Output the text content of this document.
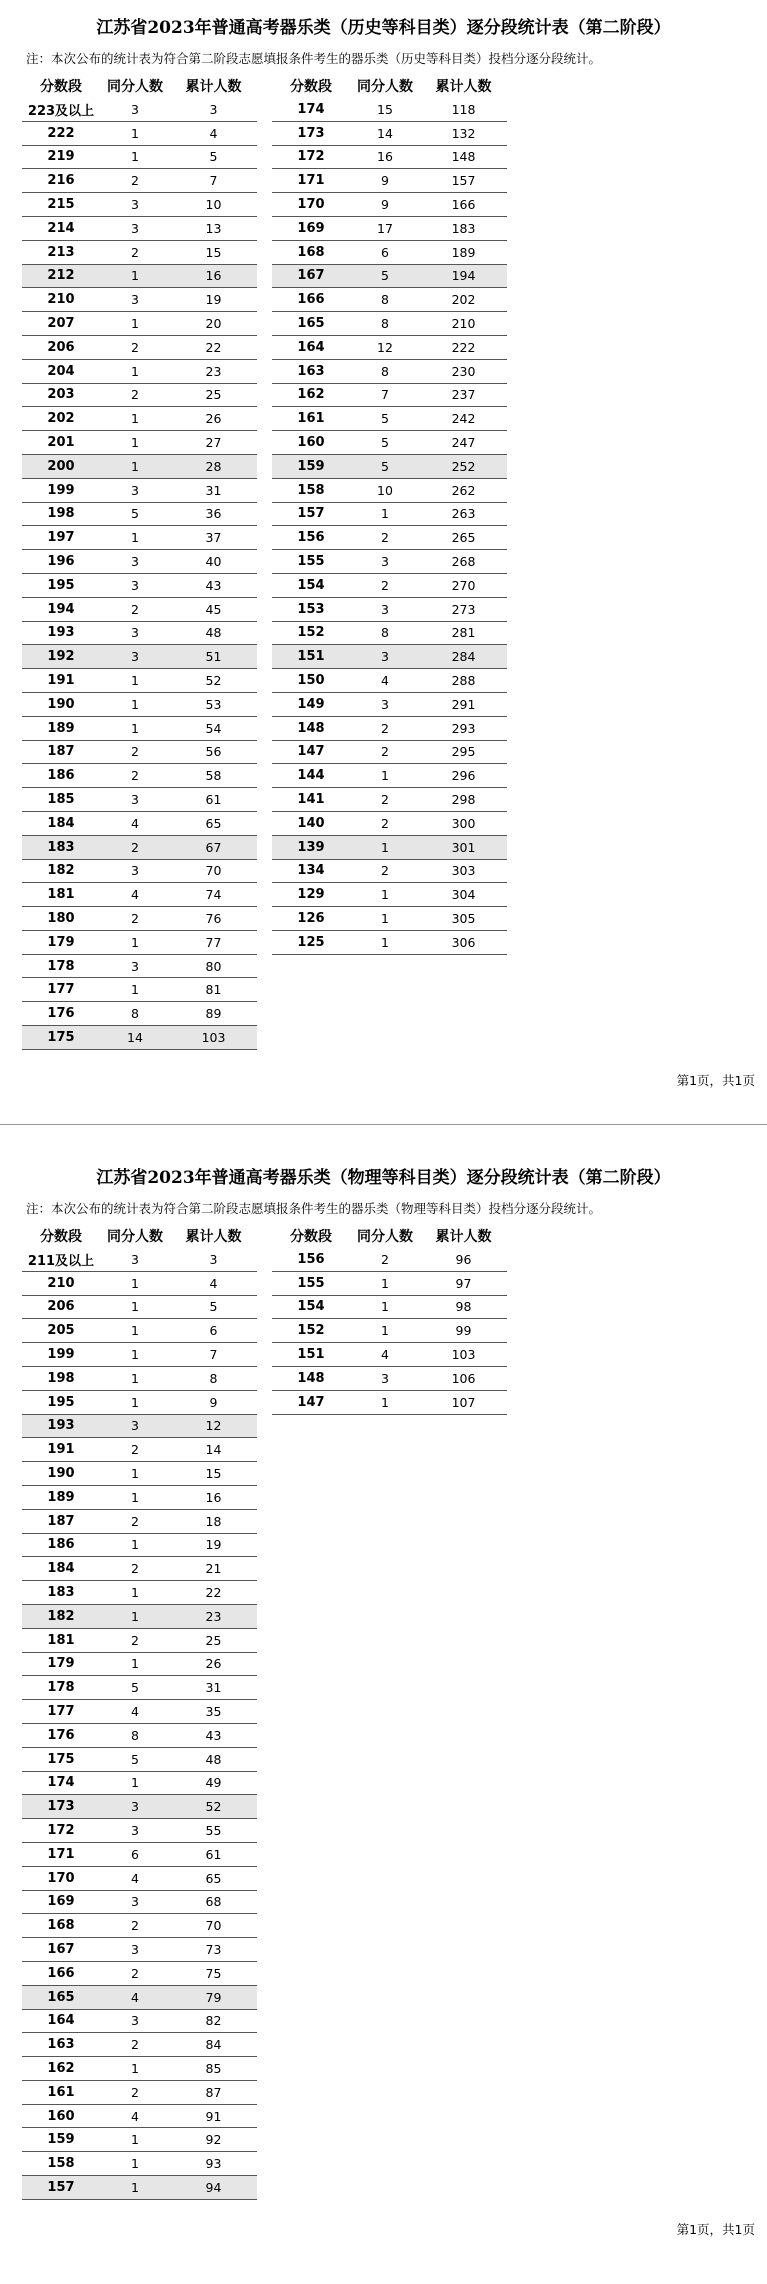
江苏省2023年普通高考器乐类（历史等科目类）逐分段统计表（第二阶段）
注：本次公布的统计表为符合第二阶段志愿填报条件考生的器乐类（历史等科目类）投档分逐分段统计。
分数段	同分人数	累计人数
223及以上	3	3
222	1	4
219	1	5
216	2	7
215	3	10
214	3	13
213	2	15
212	1	16
210	3	19
207	1	20
206	2	22
204	1	23
203	2	25
202	1	26
201	1	27
200	1	28
199	3	31
198	5	36
197	1	37
196	3	40
195	3	43
194	2	45
193	3	48
192	3	51
191	1	52
190	1	53
189	1	54
187	2	56
186	2	58
185	3	61
184	4	65
183	2	67
182	3	70
181	4	74
180	2	76
179	1	77
178	3	80
177	1	81
176	8	89
175	14	103
分数段	同分人数	累计人数
174	15	118
173	14	132
172	16	148
171	9	157
170	9	166
169	17	183
168	6	189
167	5	194
166	8	202
165	8	210
164	12	222
163	8	230
162	7	237
161	5	242
160	5	247
159	5	252
158	10	262
157	1	263
156	2	265
155	3	268
154	2	270
153	3	273
152	8	281
151	3	284
150	4	288
149	3	291
148	2	293
147	2	295
144	1	296
141	2	298
140	2	300
139	1	301
134	2	303
129	1	304
126	1	305
125	1	306
第1页，共1页
江苏省2023年普通高考器乐类（物理等科目类）逐分段统计表（第二阶段）
注：本次公布的统计表为符合第二阶段志愿填报条件考生的器乐类（物理等科目类）投档分逐分段统计。
分数段	同分人数	累计人数
211及以上	3	3
210	1	4
206	1	5
205	1	6
199	1	7
198	1	8
195	1	9
193	3	12
191	2	14
190	1	15
189	1	16
187	2	18
186	1	19
184	2	21
183	1	22
182	1	23
181	2	25
179	1	26
178	5	31
177	4	35
176	8	43
175	5	48
174	1	49
173	3	52
172	3	55
171	6	61
170	4	65
169	3	68
168	2	70
167	3	73
166	2	75
165	4	79
164	3	82
163	2	84
162	1	85
161	2	87
160	4	91
159	1	92
158	1	93
157	1	94
分数段	同分人数	累计人数
156	2	96
155	1	97
154	1	98
152	1	99
151	4	103
148	3	106
147	1	107
第1页，共1页
